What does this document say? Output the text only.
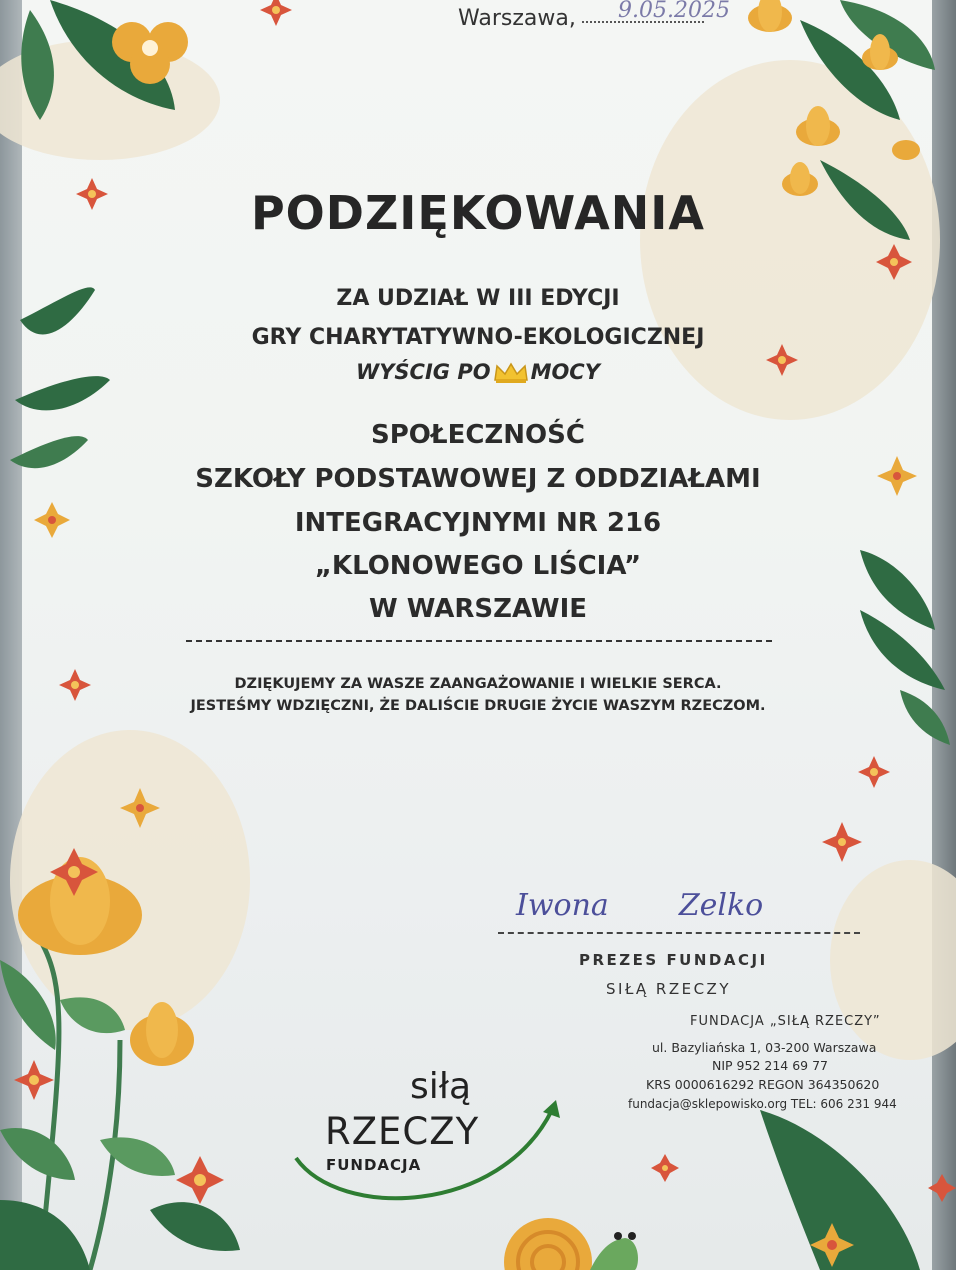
Warszawa, 9.05.2025
PODZIĘKOWANIA
ZA UDZIAŁ W III EDYCJI
GRY CHARYTATYWNO-EKOLOGICZNEJ
WYŚCIG PO MOCY
SPOŁECZNOŚĆ
SZKOŁY PODSTAWOWEJ Z ODDZIAŁAMI
INTEGRACYJNYMI NR 216
„KLONOWEGO LIŚCIA”
W WARSZAWIE
DZIĘKUJEMY ZA WASZE ZAANGAŻOWANIE I WIELKIE SERCA.
JESTEŚMY WDZIĘCZNI, ŻE DALIŚCIE DRUGIE ŻYCIE WASZYM RZECZOM.
Iwona Zelko
PREZES FUNDACJI
SIŁĄ RZECZY
FUNDACJA „SIŁĄ RZECZY”
ul. Bazyliańska 1, 03-200 Warszawa
NIP 952 214 69 77
KRS 0000616292 REGON 364350620
fundacja@sklepowisko.org TEL: 606 231 944
siłą
RZECZY
FUNDACJA
